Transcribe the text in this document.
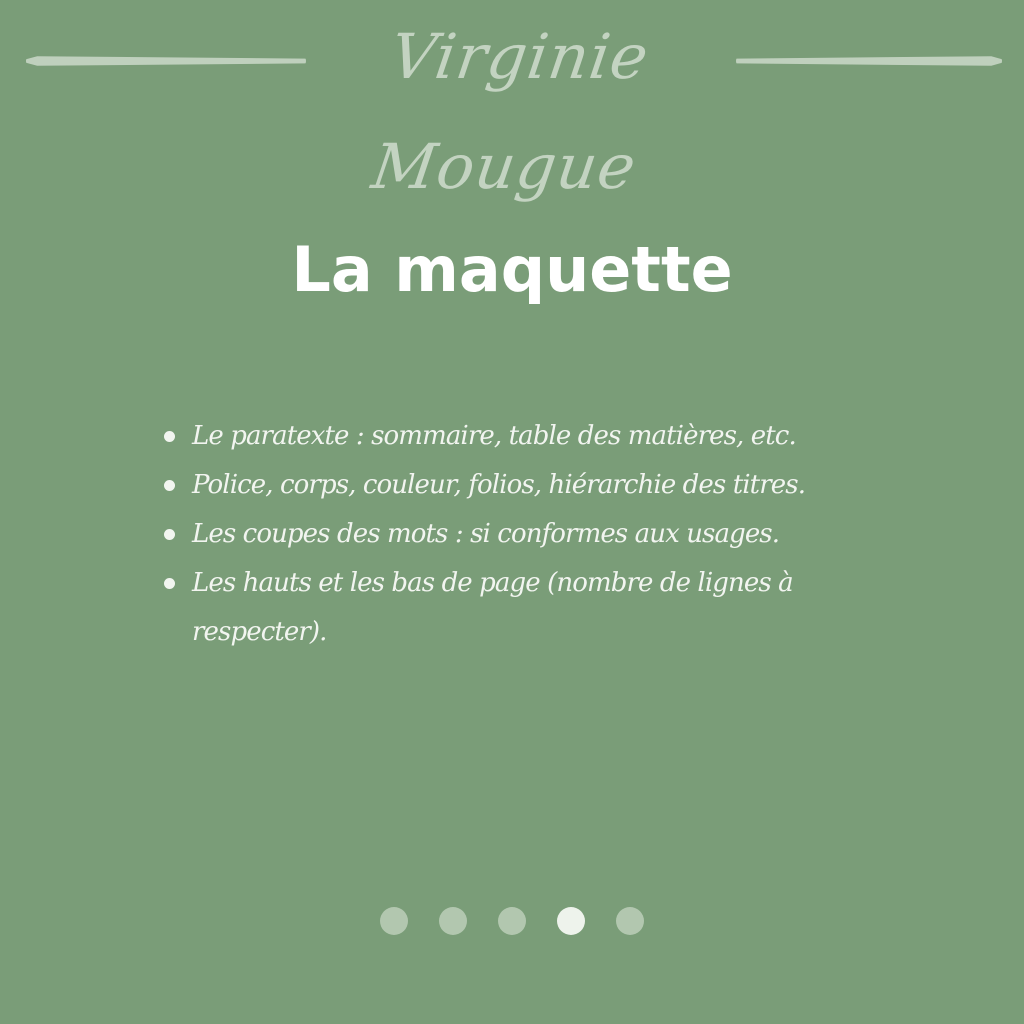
Virginie Mougue
La maquette
Le paratexte : sommaire, table des matières, etc.
Police, corps, couleur, folios, hiérarchie des titres.
Les coupes des mots : si conformes aux usages.
Les hauts et les bas de page (nombre de lignes à respecter).
